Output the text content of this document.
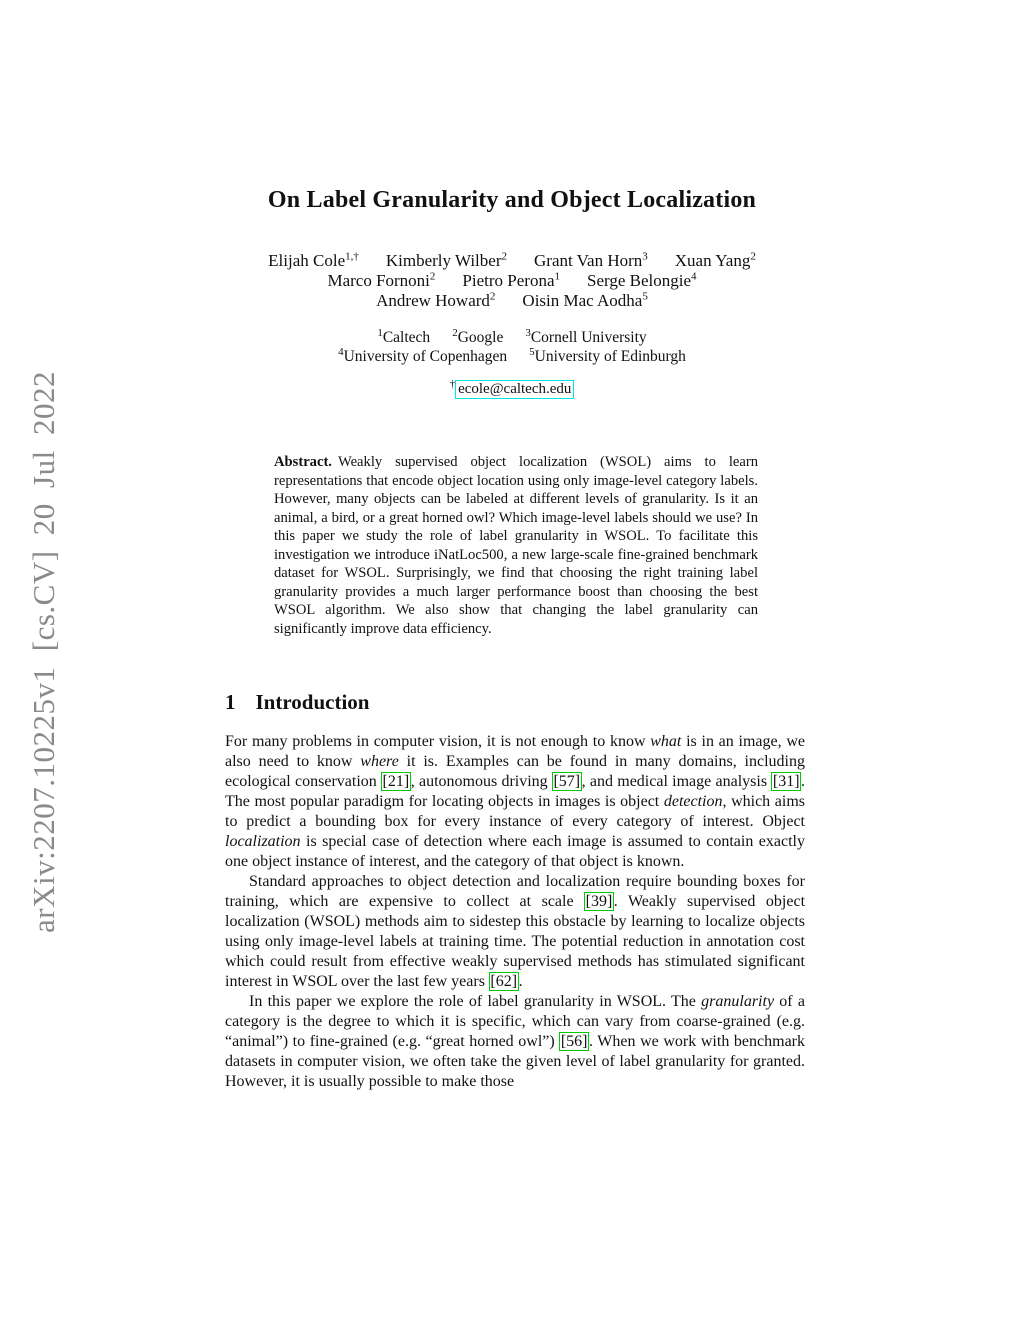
arXiv:2207.10225v1 [cs.CV] 20 Jul 2022
On Label Granularity and Object Localization
Elijah Cole$^{1,\dagger}$ Kimberly Wilber$^2$ Grant Van Horn$^3$ Xuan Yang$^2$
Marco Fornoni$^2$ Pietro Perona$^1$ Serge Belongie$^4$
Andrew Howard$^2$ Oisin Mac Aodha$^5$
$^1$Caltech $^2$Google $^3$Cornell University
$^4$University of Copenhagen $^5$University of Edinburgh
† ecole@caltech.edu
Abstract. Weakly supervised object localization (WSOL) aims to learn representations that encode object location using only image-level category labels. However, many objects can be labeled at different levels of granularity. Is it an animal, a bird, or a great horned owl? Which image-level labels should we use? In this paper we study the role of label granularity in WSOL. To facilitate this investigation we introduce iNatLoc500, a new large-scale fine-grained benchmark dataset for WSOL. Surprisingly, we find that choosing the right training label granularity provides a much larger performance boost than choosing the best WSOL algorithm. We also show that changing the label granularity can significantly improve data efficiency.
1 Introduction

For many problems in computer vision, it is not enough to know what is in an image, we also need to know where it is. Examples can be found in many domains, including ecological conservation [21], autonomous driving [57], and medical image analysis [31]. The most popular paradigm for locating objects in images is object detection, which aims to predict a bounding box for every instance of every category of interest. Object localization is special case of detection where each image is assumed to contain exactly one object instance of interest, and the category of that object is known.

Standard approaches to object detection and localization require bounding boxes for training, which are expensive to collect at scale [39]. Weakly supervised object localization (WSOL) methods aim to sidestep this obstacle by learning to localize objects using only image-level labels at training time. The potential reduction in annotation cost which could result from effective weakly supervised methods has stimulated significant interest in WSOL over the last few years [62].

In this paper we explore the role of label granularity in WSOL. The granularity of a category is the degree to which it is specific, which can vary from coarse-grained (e.g. “animal”) to fine-grained (e.g. “great horned owl”) [56]. When we work with benchmark datasets in computer vision, we often take the given level of label granularity for granted. However, it is usually possible to make those
